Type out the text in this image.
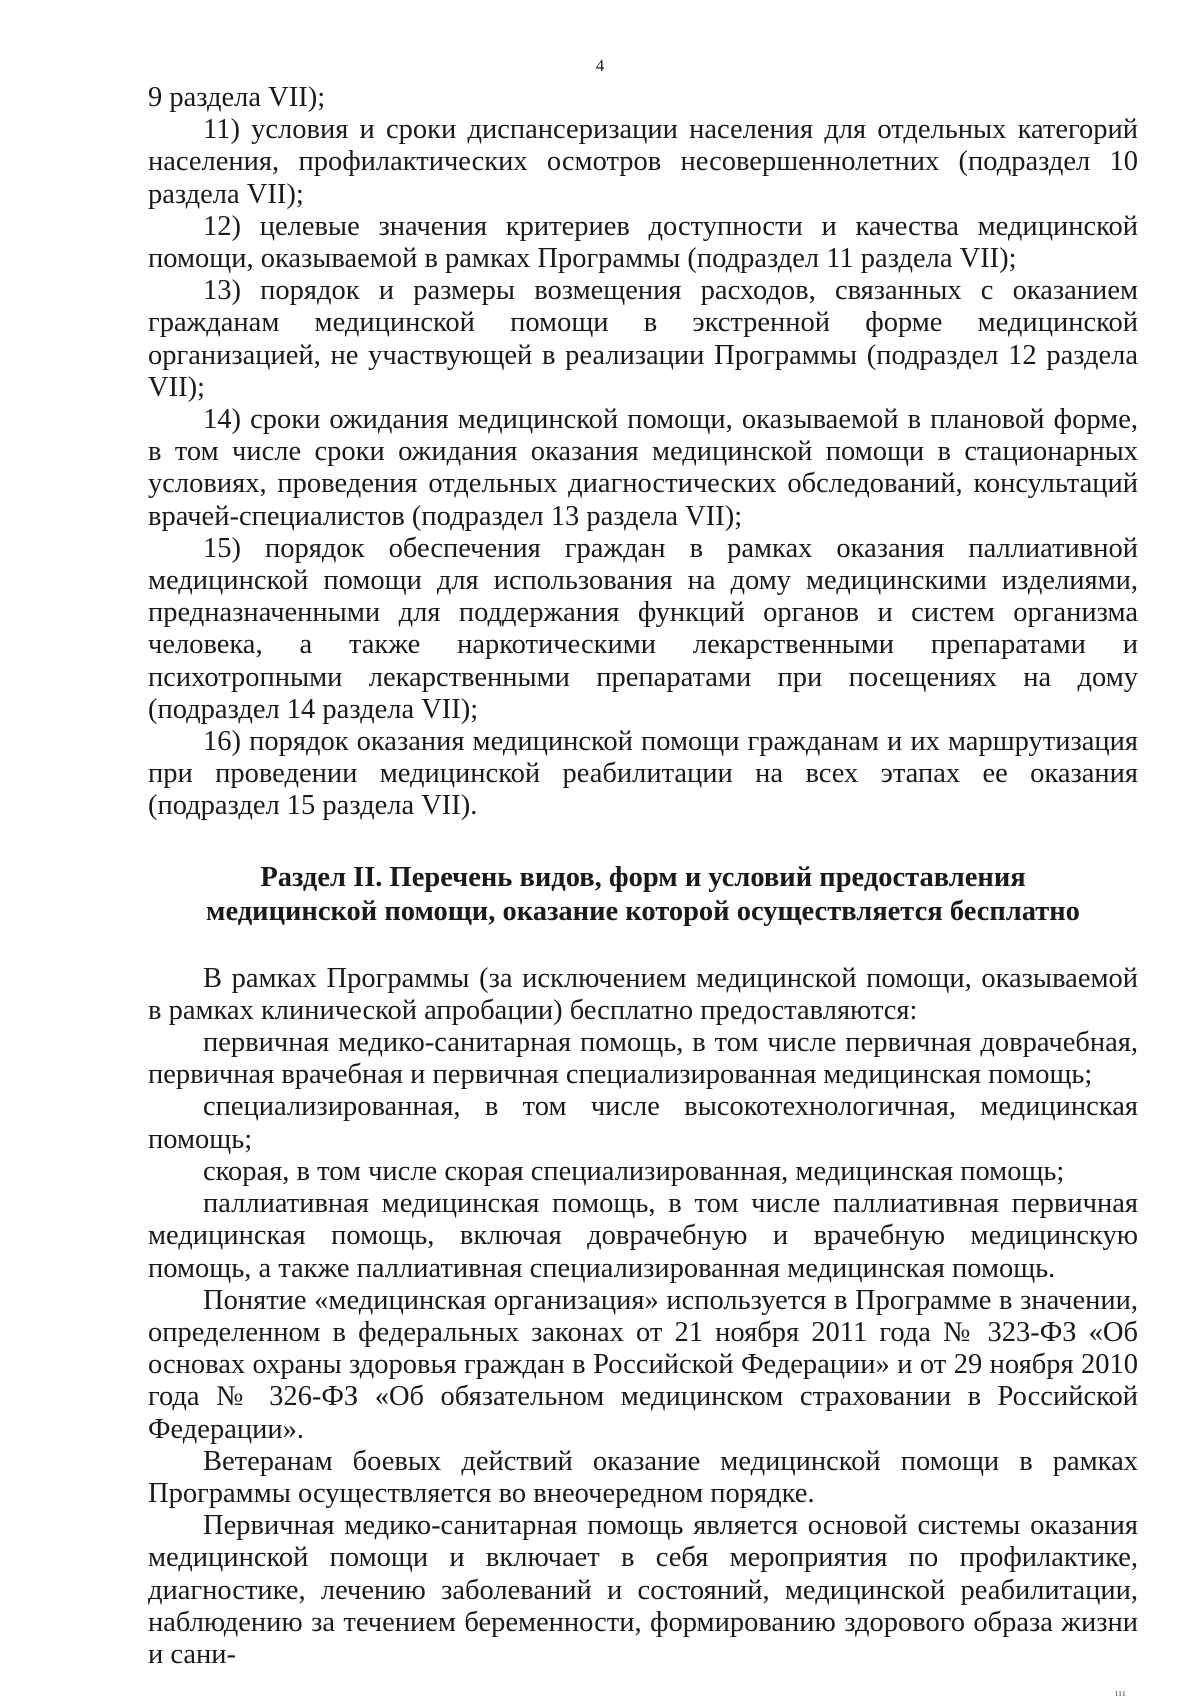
4

9 раздела VII);

11) условия и сроки диспансеризации населения для отдельных категорий населения, профилактических осмотров несовершеннолетних (подраздел 10 раздела VII);

12) целевые значения критериев доступности и качества медицинской помощи, оказываемой в рамках Программы (подраздел 11 раздела VII);

13) порядок и размеры возмещения расходов, связанных с оказанием гражданам медицинской помощи в экстренной форме медицинской организацией, не участвующей в реализации Программы (подраздел 12 раздела VII);

14) сроки ожидания медицинской помощи, оказываемой в плановой форме, в том числе сроки ожидания оказания медицинской помощи в стационарных условиях, проведения отдельных диагностических обследований, консультаций врачей-специалистов (подраздел 13 раздела VII);

15) порядок обеспечения граждан в рамках оказания паллиативной медицинской помощи для использования на дому медицинскими изделиями, предназначенными для поддержания функций органов и систем организма человека, а также наркотическими лекарственными препаратами и психотропными лекарственными препаратами при посещениях на дому (подраздел 14 раздела VII);

16) порядок оказания медицинской помощи гражданам и их маршрутизация при проведении медицинской реабилитации на всех этапах ее оказания (подраздел 15 раздела VII).

Раздел II. Перечень видов, форм и условий предоставления
медицинской помощи, оказание которой осуществляется бесплатно

В рамках Программы (за исключением медицинской помощи, оказываемой в рамках клинической апробации) бесплатно предоставляются:

первичная медико-санитарная помощь, в том числе первичная доврачебная, первичная врачебная и первичная специализированная медицинская помощь;

специализированная, в том числе высокотехнологичная, медицинская помощь;

скорая, в том числе скорая специализированная, медицинская помощь;

паллиативная медицинская помощь, в том числе паллиативная первичная медицинская помощь, включая доврачебную и врачебную медицинскую помощь, а также паллиативная специализированная медицинская помощь.

Понятие «медицинская организация» используется в Программе в значении, определенном в федеральных законах от 21 ноября 2011 года № 323-ФЗ «Об основах охраны здоровья граждан в Российской Федерации» и от 29 ноября 2010 года № 326-ФЗ «Об обязательном медицинском страховании в Российской Федерации».

Ветеранам боевых действий оказание медицинской помощи в рамках Программы осуществляется во внеочередном порядке.

Первичная медико-санитарная помощь является основой системы оказания медицинской помощи и включает в себя мероприятия по профилактике, диагностике, лечению заболеваний и состояний, медицинской реабилитации, наблюдению за течением беременности, формированию здорового образа жизни и сани-

ııı
